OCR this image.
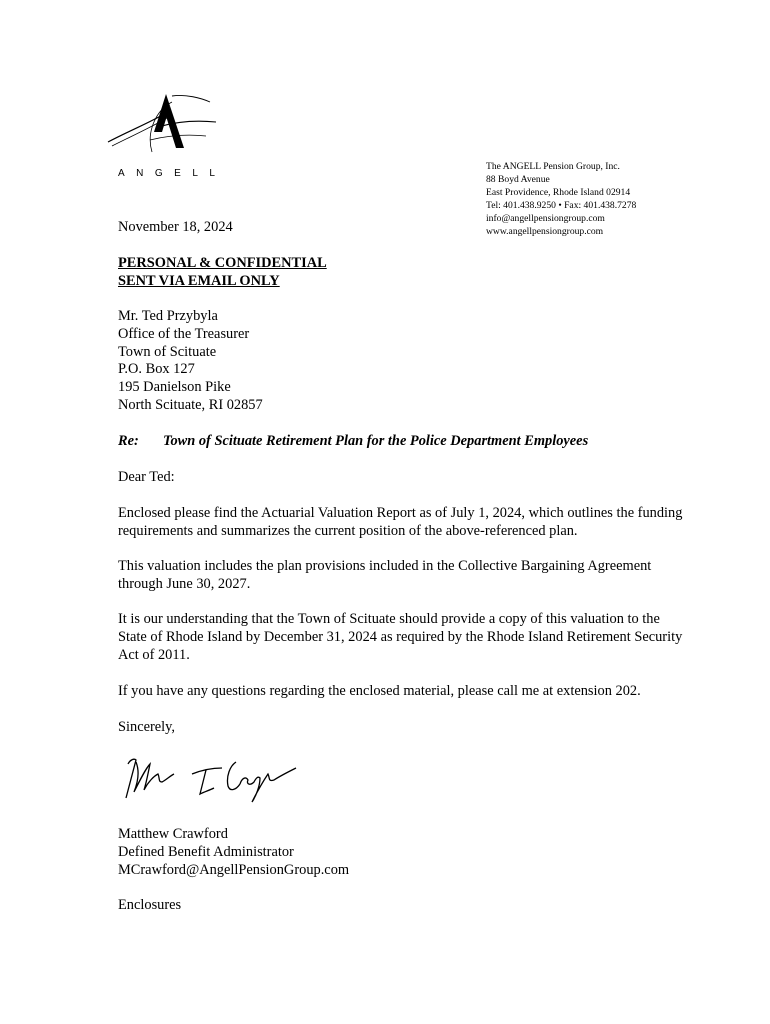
ANGELL
The ANGELL Pension Group, Inc.
88 Boyd Avenue
East Providence, Rhode Island 02914
Tel: 401.438.9250 • Fax: 401.438.7278
info@angellpensiongroup.com
www.angellpensiongroup.com
November 18, 2024
PERSONAL & CONFIDENTIAL
SENT VIA EMAIL ONLY
Mr. Ted Przybyla
Office of the Treasurer
Town of Scituate
P.O. Box 127
195 Danielson Pike
North Scituate, RI 02857
Re: Town of Scituate Retirement Plan for the Police Department Employees
Dear Ted:
Enclosed please find the Actuarial Valuation Report as of July 1, 2024, which outlines the funding requirements and summarizes the current position of the above-referenced plan.
This valuation includes the plan provisions included in the Collective Bargaining Agreement through June 30, 2027.
It is our understanding that the Town of Scituate should provide a copy of this valuation to the State of Rhode Island by December 31, 2024 as required by the Rhode Island Retirement Security Act of 2011.
If you have any questions regarding the enclosed material, please call me at extension 202.
Sincerely,
Matthew Crawford
Defined Benefit Administrator
MCrawford@AngellPensionGroup.com
Enclosures
